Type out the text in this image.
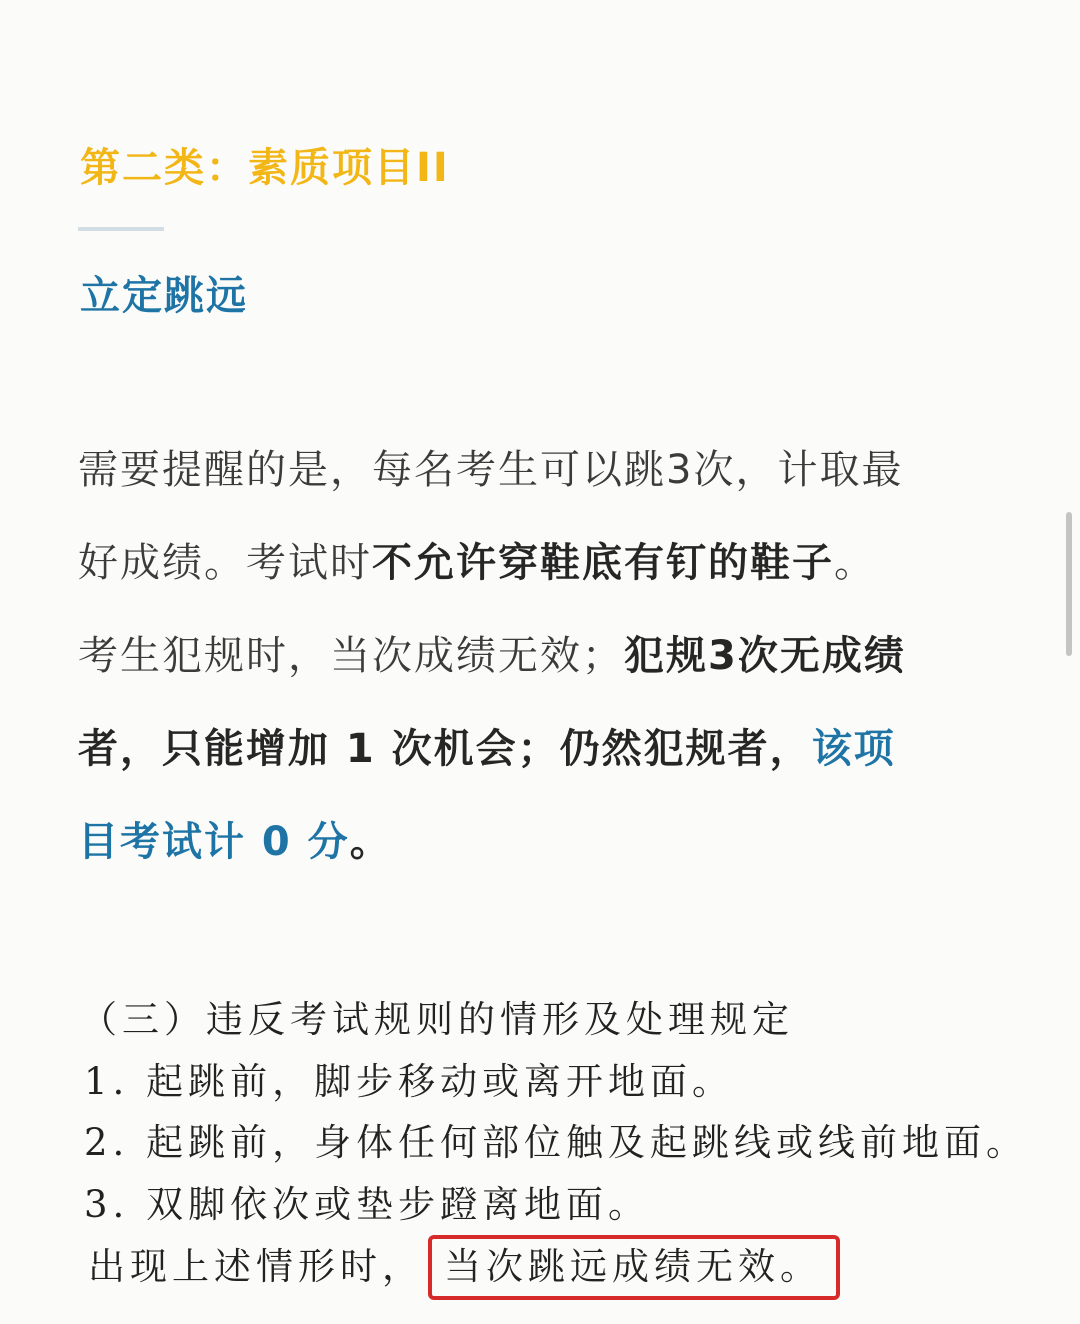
第二类：素质项目II
立定跳远
需要提醒的是，每名考生可以跳3次，计取最
好成绩。考试时不允许穿鞋底有钉的鞋子。
考生犯规时，当次成绩无效；犯规3次无成绩
者，只能增加 1 次机会；仍然犯规者，该项
目考试计 0 分。
（三）违反考试规则的情形及处理规定
1. 起跳前，脚步移动或离开地面。
2. 起跳前，身体任何部位触及起跳线或线前地面。
3. 双脚依次或垫步蹬离地面。
出现上述情形时， 当次跳远成绩无效。
